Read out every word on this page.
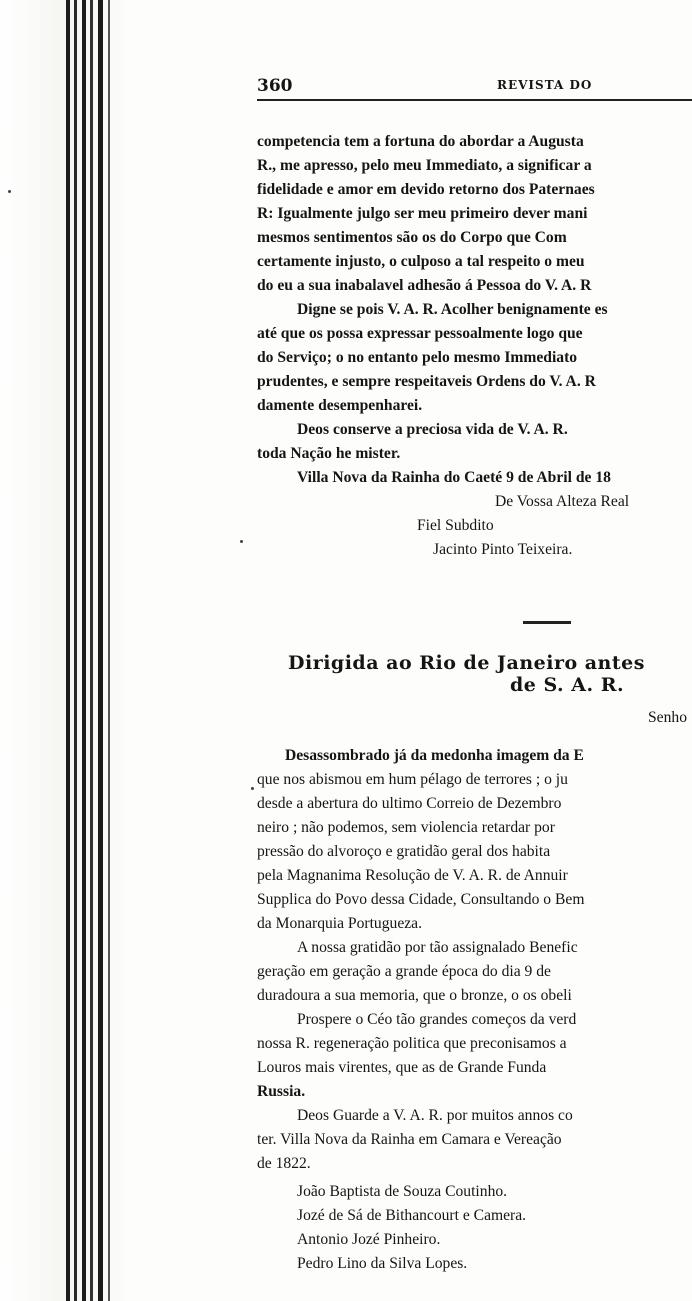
360	REVISTA DO
competencia tem a fortuna do abordar a Augusta
R., me apresso, pelo meu Immediato, a significar a
fidelidade e amor em devido retorno dos Paternaes
R: Igualmente julgo ser meu primeiro dever mani
mesmos sentimentos são os do Corpo que Com
certamente injusto, o culposo a tal respeito o meu
do eu a sua inabalavel adhesão á Pessoa do V. A. R
Digne se pois V. A. R. Acolher benignamente es
até que os possa expressar pessoalmente logo que
do Serviço; o no entanto pelo mesmo Immediato
prudentes, e sempre respeitaveis Ordens do V. A. R
damente desempenharei.
Deos conserve a preciosa vida de V. A. R.
toda Nação he mister.
Villa Nova da Rainha do Caeté 9 de Abril de 18
De Vossa Alteza Real
Fiel Subdito
Jacinto Pinto Teixeira.
Dirigida ao Rio de Janeiro antes
de S. A. R.
Senho
Desassombrado já da medonha imagem da E
que nos abismou em hum pélago de terrores ; o ju
desde a abertura do ultimo Correio de Dezembro
neiro ; não podemos, sem violencia retardar por
pressão do alvoroço e gratidão geral dos habita
pela Magnanima Resolução de V. A. R. de Annuir
Supplica do Povo dessa Cidade, Consultando o Bem
da Monarquia Portugueza.
A nossa gratidão por tão assignalado Benefic
geração em geração a grande época do dia 9 de
duradoura a sua memoria, que o bronze, o os obeli
Prospere o Céo tão grandes começos da verd
nossa R. regeneração politica que preconisamos a
Louros mais virentes, que as de Grande Funda
Russia.
Deos Guarde a V. A. R. por muitos annos co
ter. Villa Nova da Rainha em Camara e Vereação
de 1822.
João Baptista de Souza Coutinho.
Jozé de Sá de Bithancourt e Camera.
Antonio Jozé Pinheiro.
Pedro Lino da Silva Lopes.
